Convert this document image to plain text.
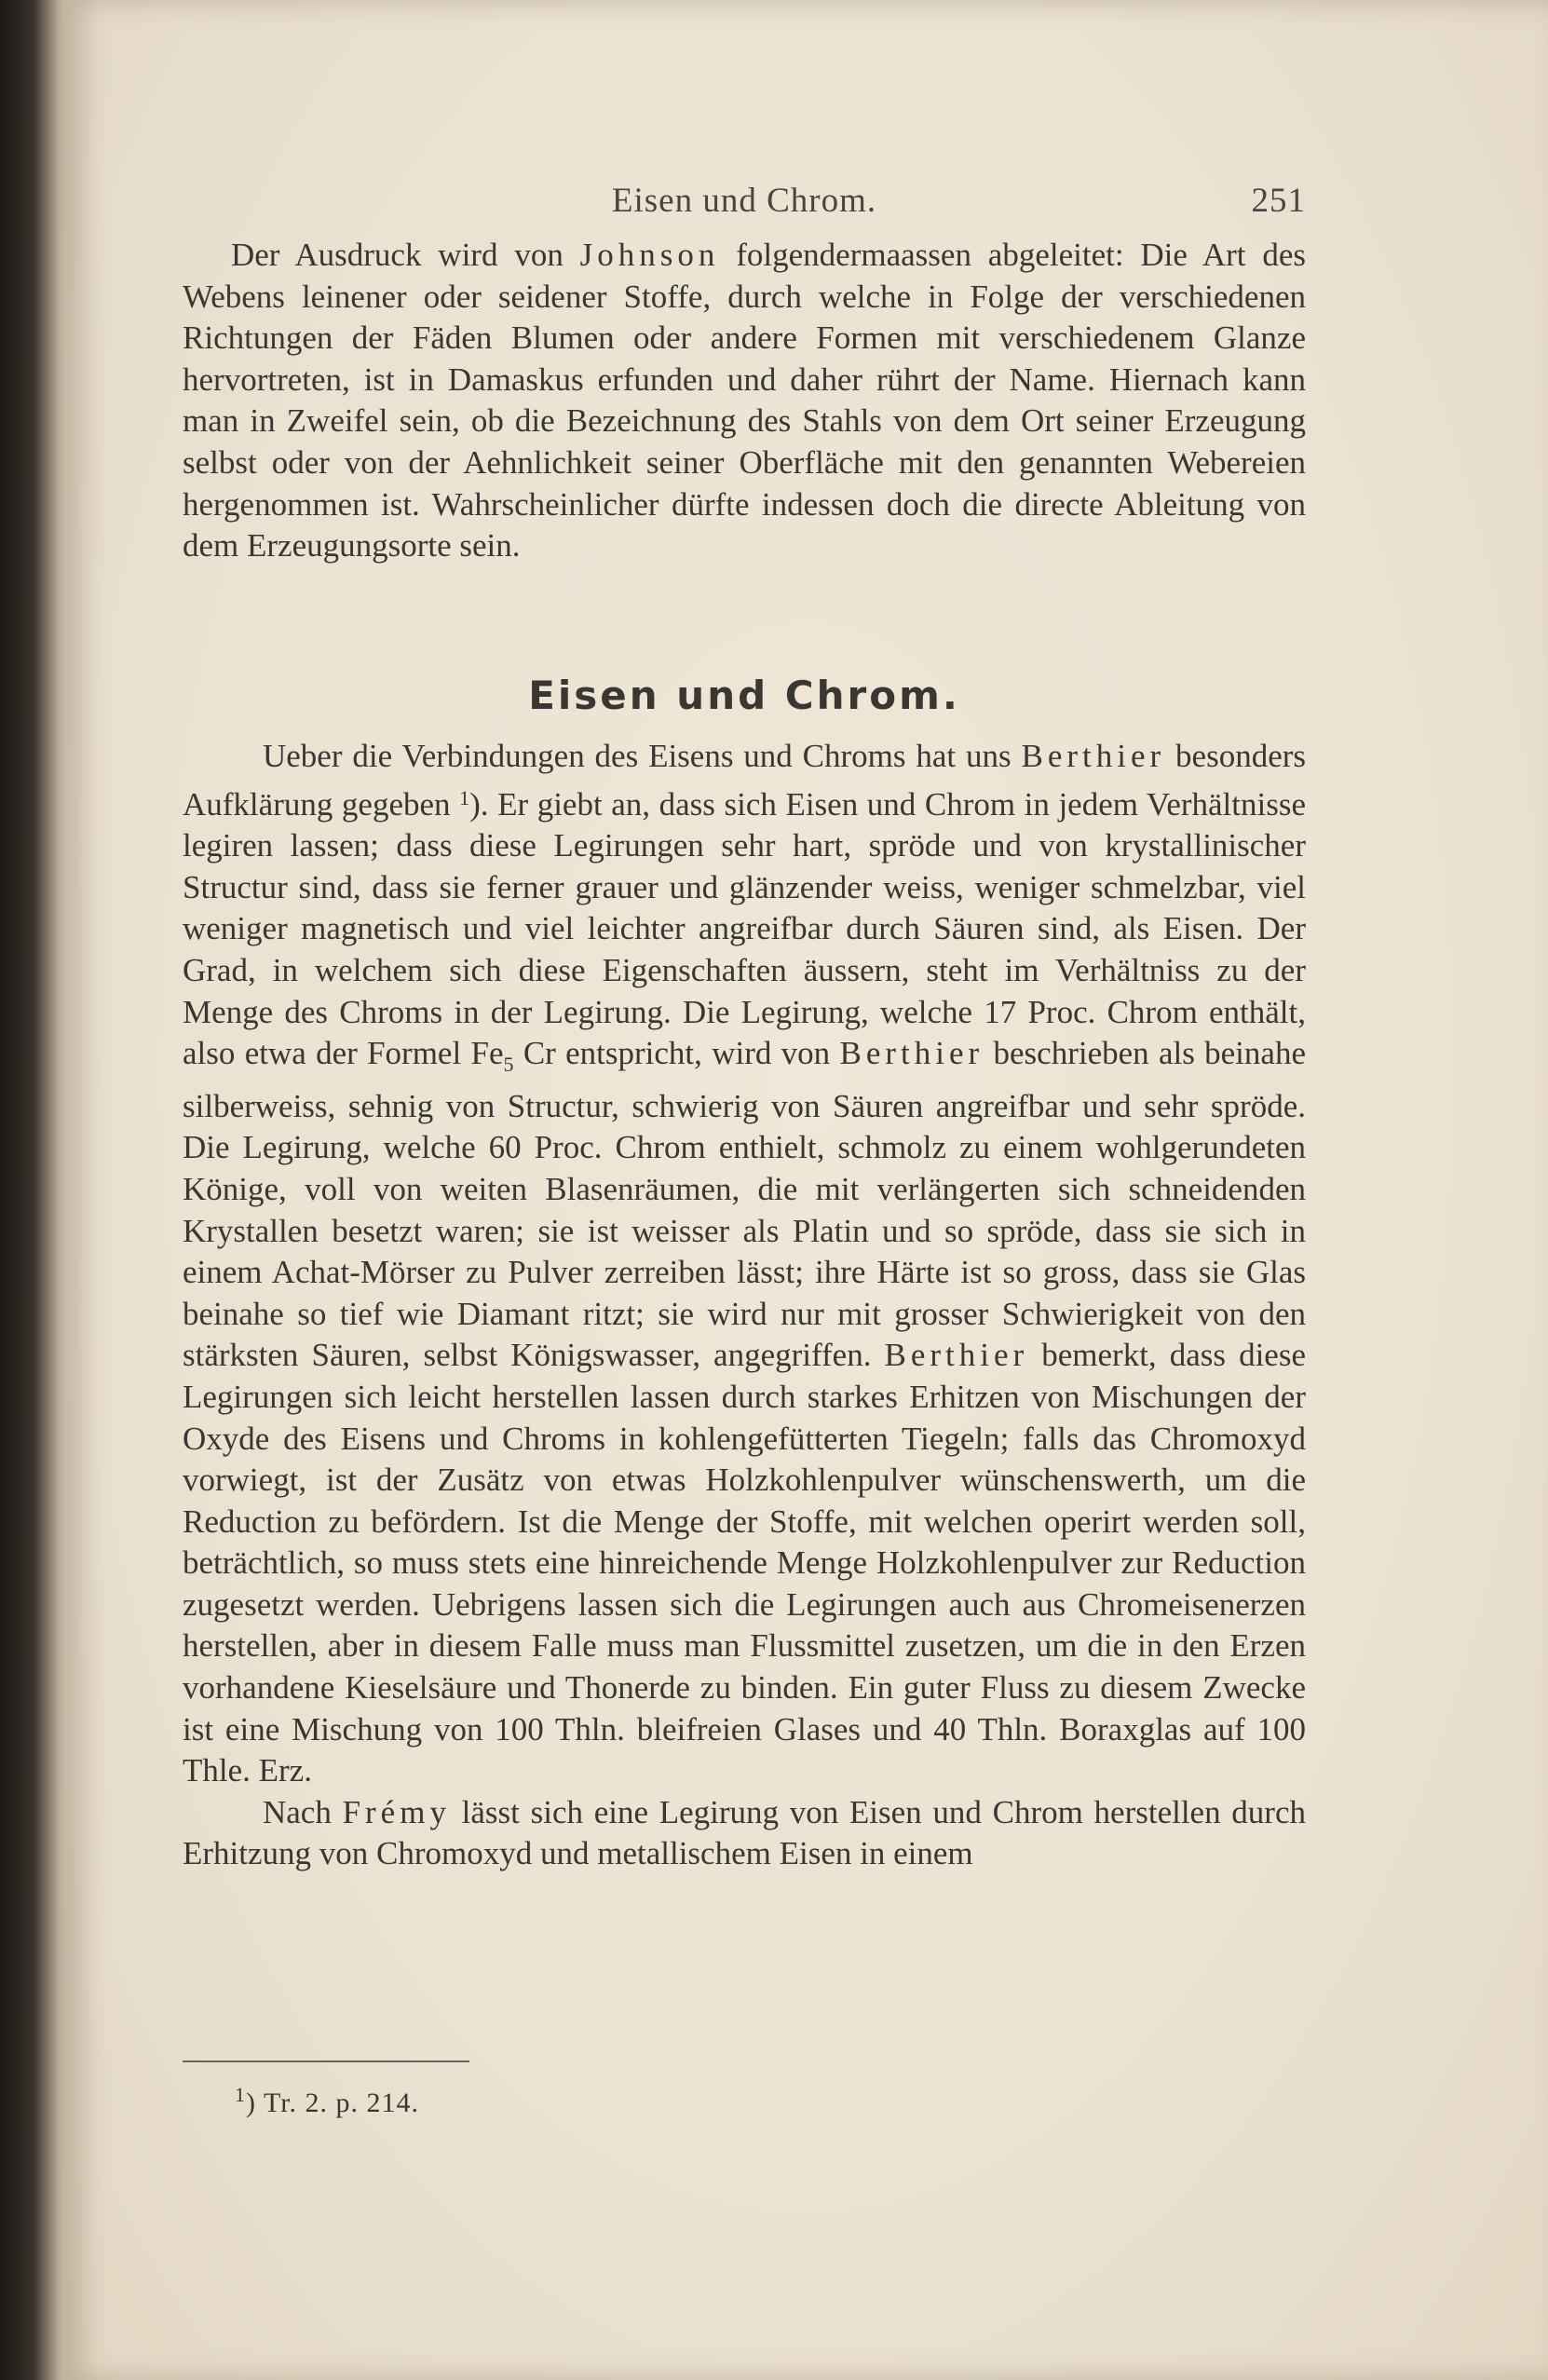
Eisen und Chrom.	251
Der Ausdruck wird von Johnson folgendermaassen abgeleitet: Die Art des Webens leinener oder seidener Stoffe, durch welche in Folge der verschiedenen Richtungen der Fäden Blumen oder andere Formen mit verschiedenem Glanze hervortreten, ist in Damaskus erfunden und daher rührt der Name. Hiernach kann man in Zweifel sein, ob die Bezeichnung des Stahls von dem Ort seiner Erzeugung selbst oder von der Aehnlichkeit seiner Oberfläche mit den genannten Webereien hergenommen ist. Wahrscheinlicher dürfte indessen doch die directe Ableitung von dem Erzeugungsorte sein.
Eisen und Chrom.

Ueber die Verbindungen des Eisens und Chroms hat uns Berthier besonders Aufklärung gegeben $^1$). Er giebt an, dass sich Eisen und Chrom in jedem Verhältnisse legiren lassen; dass diese Legirungen sehr hart, spröde und von krystallinischer Structur sind, dass sie ferner grauer und glänzender weiss, weniger schmelzbar, viel weniger magnetisch und viel leichter angreifbar durch Säuren sind, als Eisen. Der Grad, in welchem sich diese Eigenschaften äussern, steht im Verhältniss zu der Menge des Chroms in der Legirung. Die Legirung, welche 17 Proc. Chrom enthält, also etwa der Formel $Fe_5$ Cr entspricht, wird von Berthier beschrieben als beinahe silberweiss, sehnig von Structur, schwierig von Säuren angreifbar und sehr spröde. Die Legirung, welche 60 Proc. Chrom enthielt, schmolz zu einem wohlgerundeten Könige, voll von weiten Blasenräumen, die mit verlängerten sich schneidenden Krystallen besetzt waren; sie ist weisser als Platin und so spröde, dass sie sich in einem Achat-Mörser zu Pulver zerreiben lässt; ihre Härte ist so gross, dass sie Glas beinahe so tief wie Diamant ritzt; sie wird nur mit grosser Schwierigkeit von den stärksten Säuren, selbst Königswasser, angegriffen. Berthier bemerkt, dass diese Legirungen sich leicht herstellen lassen durch starkes Erhitzen von Mischungen der Oxyde des Eisens und Chroms in kohlengefütterten Tiegeln; falls das Chromoxyd vorwiegt, ist der Zusätz von etwas Holzkohlenpulver wünschenswerth, um die Reduction zu befördern. Ist die Menge der Stoffe, mit welchen operirt werden soll, beträchtlich, so muss stets eine hinreichende Menge Holzkohlenpulver zur Reduction zugesetzt werden. Uebrigens lassen sich die Legirungen auch aus Chromeisenerzen herstellen, aber in diesem Falle muss man Flussmittel zusetzen, um die in den Erzen vorhandene Kieselsäure und Thonerde zu binden. Ein guter Fluss zu diesem Zwecke ist eine Mischung von 100 Thln. bleifreien Glases und 40 Thln. Boraxglas auf 100 Thle. Erz.

Nach Frémy lässt sich eine Legirung von Eisen und Chrom herstellen durch Erhitzung von Chromoxyd und metallischem Eisen in einem

$^1$) Tr. 2. p. 214.
